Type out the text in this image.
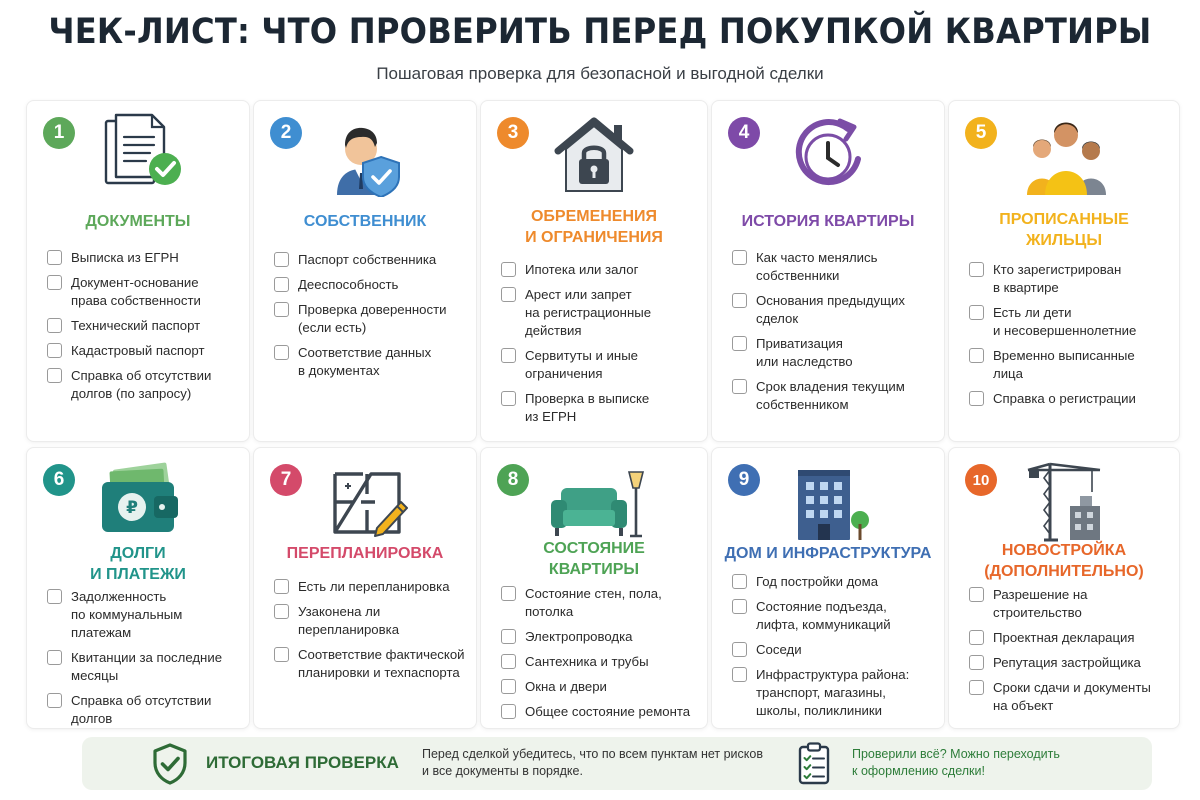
ЧЕК-ЛИСТ: ЧТО ПРОВЕРИТЬ ПЕРЕД ПОКУПКОЙ КВАРТИРЫ
Пошаговая проверка для безопасной и выгодной сделки
1
ДОКУМЕНТЫ
Выписка из ЕГРН
Документ-основание
права собственности
Технический паспорт
Кадастровый паспорт
Справка об отсутствии
долгов (по запросу)
2
СОБСТВЕННИК
Паспорт собственника
Дееспособность
Проверка доверенности
(если есть)
Соответствие данных
в документах
3
ОБРЕМЕНЕНИЯ
И ОГРАНИЧЕНИЯ
Ипотека или залог
Арест или запрет
на регистрационные
действия
Сервитуты и иные
ограничения
Проверка в выписке
из ЕГРН
4
ИСТОРИЯ КВАРТИРЫ
Как часто менялись
собственники
Основания предыдущих
сделок
Приватизация
или наследство
Срок владения текущим
собственником
5
ПРОПИСАННЫЕ
ЖИЛЬЦЫ
Кто зарегистрирован
в квартире
Есть ли дети
и несовершеннолетние
Временно выписанные
лица
Справка о регистрации
6
₽
ДОЛГИ
И ПЛАТЕЖИ
Задолженность
по коммунальным
платежам
Квитанции за последние
месяцы
Справка об отсутствии
долгов
7
ПЕРЕПЛАНИРОВКА
Есть ли перепланировка
Узаконена ли
перепланировка
Соответствие фактической
планировки и техпаспорта
8
СОСТОЯНИЕ
КВАРТИРЫ
Состояние стен, пола,
потолка
Электропроводка
Сантехника и трубы
Окна и двери
Общее состояние ремонта
9
ДОМ И ИНФРАСТРУКТУРА
Год постройки дома
Состояние подъезда,
лифта, коммуникаций
Соседи
Инфраструктура района:
транспорт, магазины,
школы, поликлиники
10
НОВОСТРОЙКА
(ДОПОЛНИТЕЛЬНО)
Разрешение на
строительство
Проектная декларация
Репутация застройщика
Сроки сдачи и документы
на объект
ИТОГОВАЯ ПРОВЕРКА Перед сделкой убедитесь, что по всем пунктам нет рисков
и все документы в порядке.
Проверили всё? Можно переходить
к оформлению сделки!
